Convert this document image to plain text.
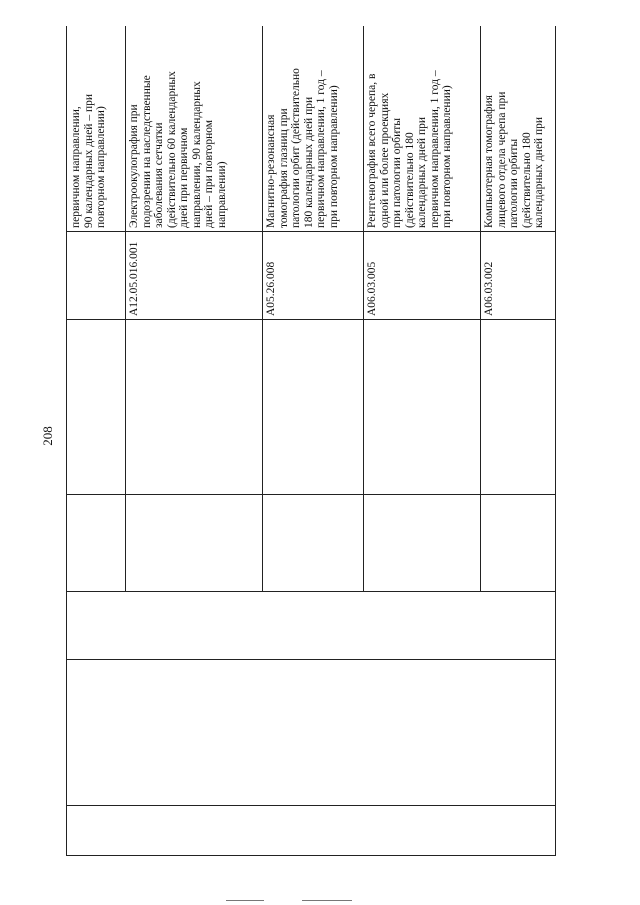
208
первичном направлении,
90 календарных дней – при
повторном направлении)
A12.05.016.001
Электроокулография при
подозрении на наследственные
заболевания сетчатки
(действительно 60 календарных
дней при первичном
направлении, 90 календарных
дней – при повторном
направлении)
A05.26.008
Магнитно-резонансная
томография глазниц при
патологии орбит (действительно
180 календарных дней при
первичном направлении, 1 год –
при повторном направлении)
A06.03.005
Рентгенография всего черепа, в
одной или более проекциях
при патологии орбиты
(действительно 180
календарных дней при
первичном направлении, 1 год –
при повторном направлении)
A06.03.002
Компьютерная томография
лицевого отдела черепа при
патологии орбиты
(действительно 180
календарных дней при
